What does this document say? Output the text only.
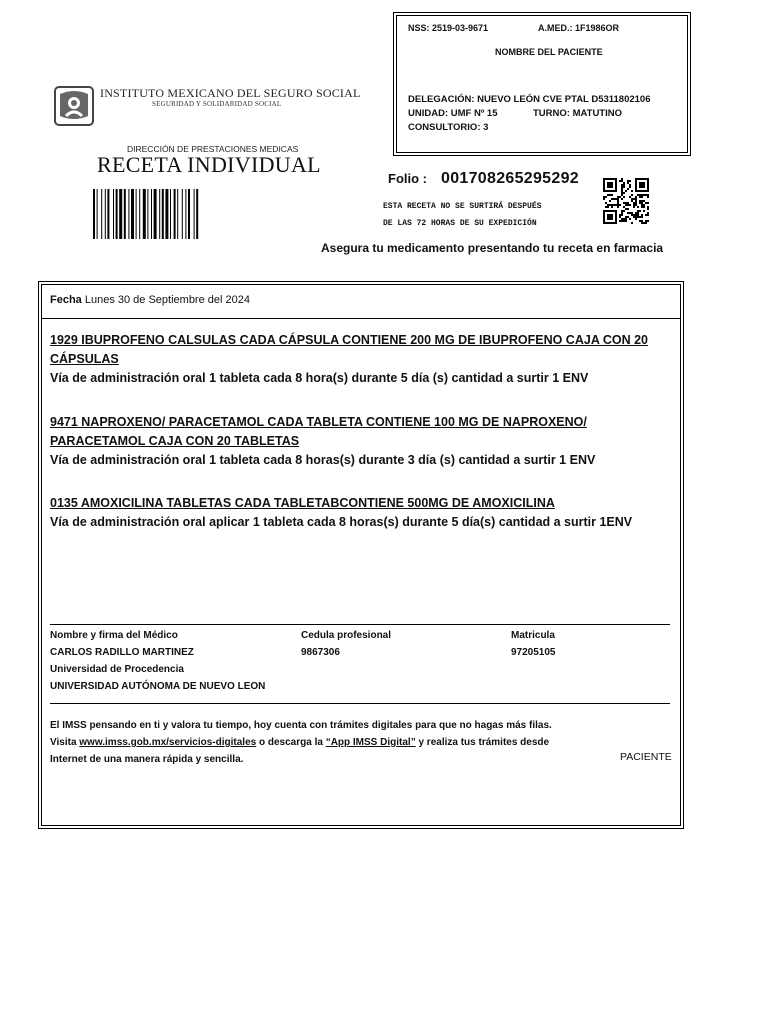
NSS: 2519-03-9671	A.MED.: 1F1986OR
NOMBRE DEL PACIENTE
DELEGACIÓN: NUEVO LEÓN CVE PTAL D5311802106
UNIDAD: UMF Nº 15	TURNO: MATUTINO
CONSULTORIO: 3
INSTITUTO MEXICANO DEL SEGURO SOCIAL
SEGURIDAD Y SOLIDARIDAD SOCIAL
DIRECCIÓN DE PRESTACIONES MEDICAS
RECETA INDIVIDUAL
Folio : 001708265295292
ESTA RECETA NO SE SURTIRÁ DESPUÉS
DE LAS 72 HORAS DE SU EXPEDICIÓN
Asegura tu medicamento presentando tu receta en farmacia
Fecha Lunes 30 de Septiembre del 2024
1929 IBUPROFENO CALSULAS CADA CÁPSULA CONTIENE 200 MG DE IBUPROFENO CAJA CON 20 CÁPSULAS
Vía de administración oral 1 tableta cada 8 hora(s) durante 5 día (s) cantidad a surtir 1 ENV
9471 NAPROXENO/ PARACETAMOL CADA TABLETA CONTIENE 100 MG DE NAPROXENO/ PARACETAMOL CAJA CON 20 TABLETAS
Vía de administración oral 1 tableta cada 8 horas(s) durante 3 día (s) cantidad a surtir 1 ENV
0135 AMOXICILINA TABLETAS CADA TABLETABCONTIENE 500MG DE AMOXICILINA
Vía de administración oral aplicar 1 tableta cada 8 horas(s) durante 5 día(s) cantidad a surtir 1ENV
Nombre y firma del Médico
CARLOS RADILLO MARTINEZ
Universidad de Procedencia
UNIVERSIDAD AUTÓNOMA DE NUEVO LEON
Cedula profesional
9867306
Matricula
97205105
El IMSS pensando en ti y valora tu tiempo, hoy cuenta con trámites digitales para que no hagas más filas.
Visita www.imss.gob.mx/servicios-digitales o descarga la “App IMSS Digital” y realiza tus trámites desde
Internet de una manera rápida y sencilla.	PACIENTE
